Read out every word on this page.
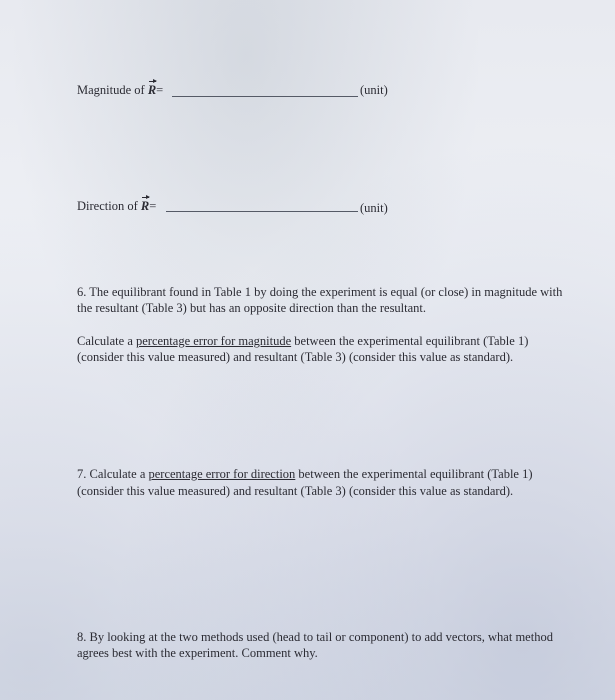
Magnitude of R=	(unit)
Direction of R=	(unit)
6. The equilibrant found in Table 1 by doing the experiment is equal (or close) in magnitude with
the resultant (Table 3) but has an opposite direction than the resultant.
Calculate a percentage error for magnitude between the experimental equilibrant (Table 1)
(consider this value measured) and resultant (Table 3) (consider this value as standard).
7. Calculate a percentage error for direction between the experimental equilibrant (Table 1)
(consider this value measured) and resultant (Table 3) (consider this value as standard).
8. By looking at the two methods used (head to tail or component) to add vectors, what method
agrees best with the experiment. Comment why.
